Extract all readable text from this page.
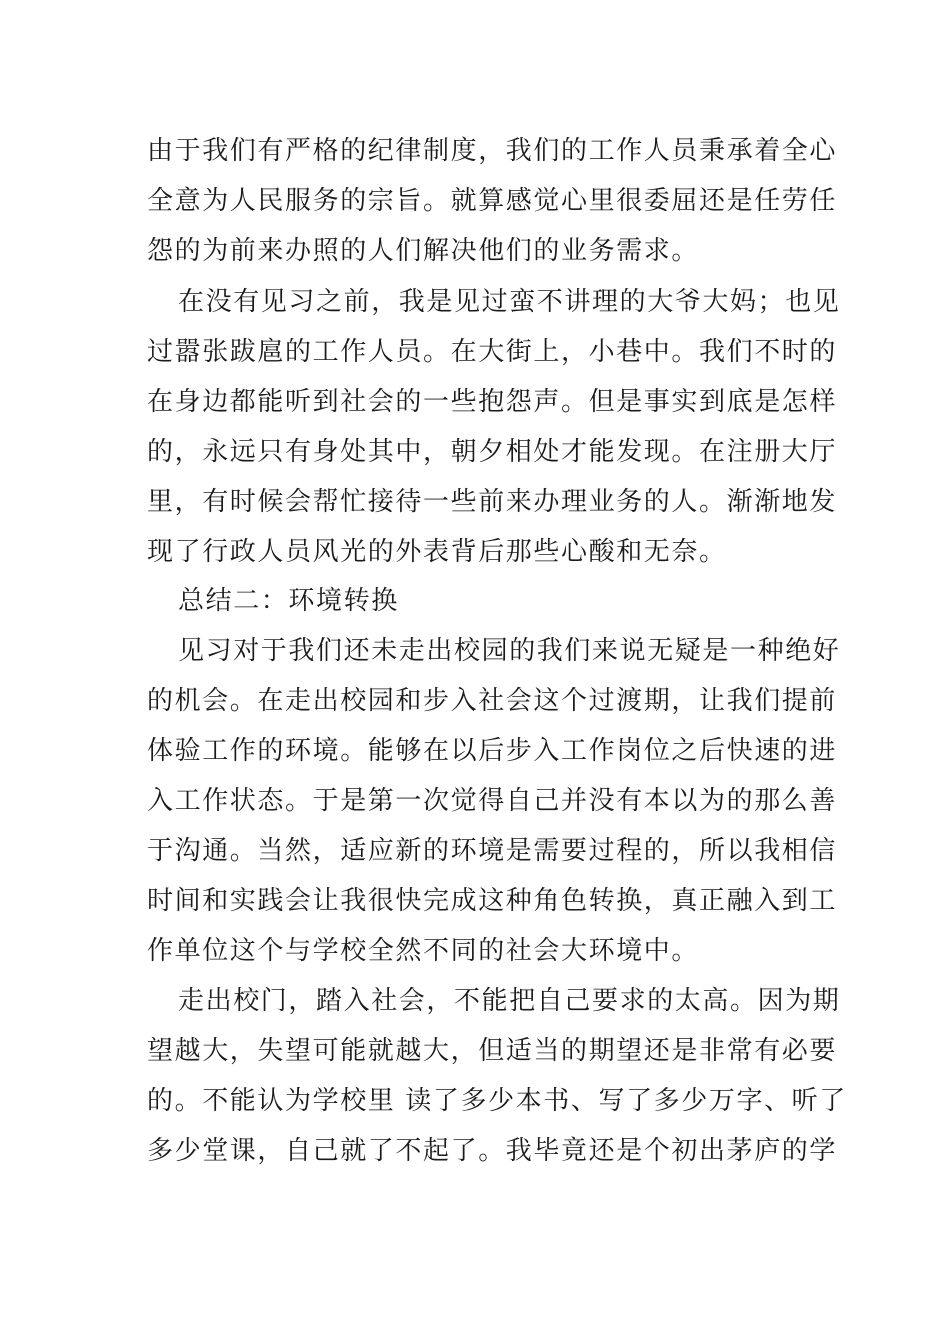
由于我们有严格的纪律制度，我们的工作人员秉承着全心
全意为人民服务的宗旨。就算感觉心里很委屈还是任劳任
怨的为前来办照的人们解决他们的业务需求。
在没有见习之前，我是见过蛮不讲理的大爷大妈；也见
过嚣张跋扈的工作人员。在大街上，小巷中。我们不时的
在身边都能听到社会的一些抱怨声。但是事实到底是怎样
的，永远只有身处其中，朝夕相处才能发现。在注册大厅
里，有时候会帮忙接待一些前来办理业务的人。渐渐地发
现了行政人员风光的外表背后那些心酸和无奈。
总结二：环境转换
见习对于我们还未走出校园的我们来说无疑是一种绝好
的机会。在走出校园和步入社会这个过渡期，让我们提前
体验工作的环境。能够在以后步入工作岗位之后快速的进
入工作状态。于是第一次觉得自己并没有本以为的那么善
于沟通。当然，适应新的环境是需要过程的，所以我相信
时间和实践会让我很快完成这种角色转换，真正融入到工
作单位这个与学校全然不同的社会大环境中。
走出校门，踏入社会，不能把自己要求的太高。因为期
望越大，失望可能就越大，但适当的期望还是非常有必要
的。不能认为学校里 读了多少本书、写了多少万字、听了
多少堂课，自己就了不起了。我毕竟还是个初出茅庐的学
